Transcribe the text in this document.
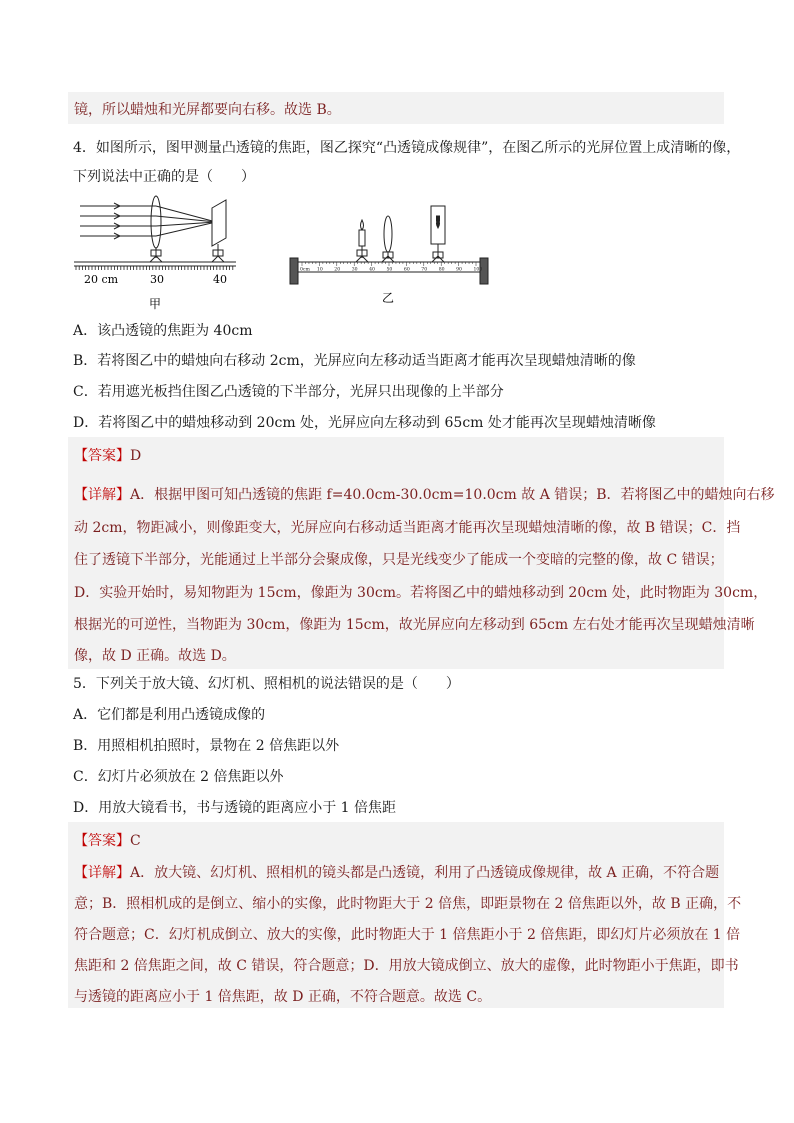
镜，所以蜡烛和光屏都要向右移。故选 B。
4．如图所示，图甲测量凸透镜的焦距，图乙探究“凸透镜成像规律”，在图乙所示的光屏位置上成清晰的像，
下列说法中正确的是（　　）
20 cm	30	40
甲
0cm 10	20	30	40	50	60	70	80	90	100
乙
A．该凸透镜的焦距为 40cm
B．若将图乙中的蜡烛向右移动 2cm，光屏应向左移动适当距离才能再次呈现蜡烛清晰的像
C．若用遮光板挡住图乙凸透镜的下半部分，光屏只出现像的上半部分
D．若将图乙中的蜡烛移动到 20cm 处，光屏应向左移动到 65cm 处才能再次呈现蜡烛清晰像
【答案】D
【详解】A．根据甲图可知凸透镜的焦距 f=40.0cm-30.0cm=10.0cm 故 A 错误；B．若将图乙中的蜡烛向右移
动 2cm，物距减小，则像距变大，光屏应向右移动适当距离才能再次呈现蜡烛清晰的像，故 B 错误；C．挡
住了透镜下半部分，光能通过上半部分会聚成像，只是光线变少了能成一个变暗的完整的像，故 C 错误；
D．实验开始时，易知物距为 15cm，像距为 30cm。若将图乙中的蜡烛移动到 20cm 处，此时物距为 30cm，
根据光的可逆性，当物距为 30cm，像距为 15cm，故光屏应向左移动到 65cm 左右处才能再次呈现蜡烛清晰
像，故 D 正确。故选 D。
5．下列关于放大镜、幻灯机、照相机的说法错误的是（　　）
A．它们都是利用凸透镜成像的
B．用照相机拍照时，景物在 2 倍焦距以外
C．幻灯片必须放在 2 倍焦距以外
D．用放大镜看书，书与透镜的距离应小于 1 倍焦距
【答案】C
【详解】A．放大镜、幻灯机、照相机的镜头都是凸透镜，利用了凸透镜成像规律，故 A 正确，不符合题
意；B．照相机成的是倒立、缩小的实像，此时物距大于 2 倍焦，即距景物在 2 倍焦距以外，故 B 正确，不
符合题意；C．幻灯机成倒立、放大的实像，此时物距大于 1 倍焦距小于 2 倍焦距，即幻灯片必须放在 1 倍
焦距和 2 倍焦距之间，故 C 错误，符合题意；D．用放大镜成倒立、放大的虚像，此时物距小于焦距，即书
与透镜的距离应小于 1 倍焦距，故 D 正确，不符合题意。故选 C。
